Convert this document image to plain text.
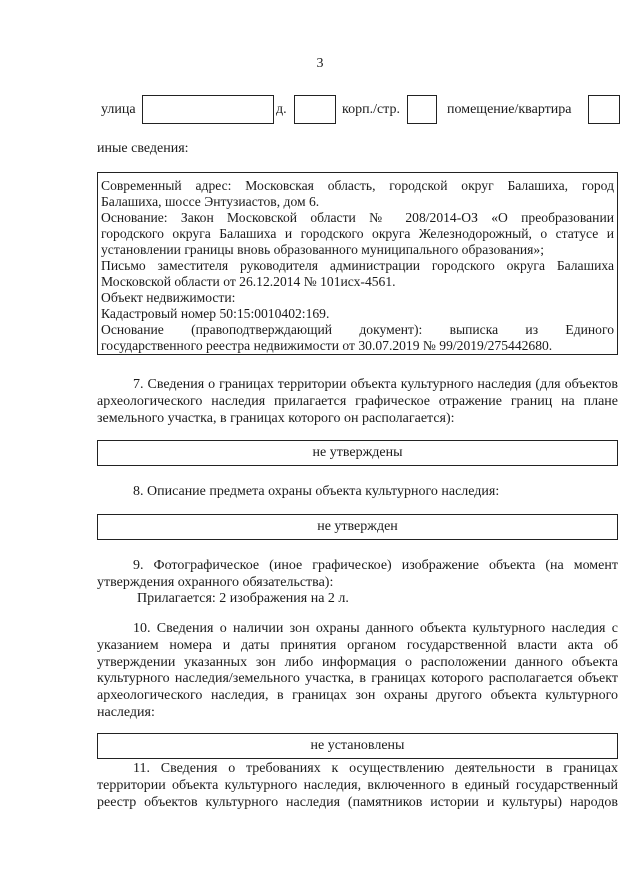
3
улица	д.	корп./стр.	помещение/квартира
иные сведения:
Современный адрес: Московская область, городской округ Балашиха, город
Балашиха, шоссе Энтузиастов, дом 6.
Основание: Закон Московской области № 208/2014-ОЗ «О преобразовании
городского округа Балашиха и городского округа Железнодорожный, о статусе и
установлении границы вновь образованного муниципального образования»;
Письмо заместителя руководителя администрации городского округа Балашиха
Московской области от 26.12.2014 № 101исх-4561.
Объект недвижимости:
Кадастровый номер 50:15:0010402:169.
Основание (правоподтверждающий документ): выписка из Единого
государственного реестра недвижимости от 30.07.2019 № 99/2019/275442680.
7. Сведения о границах территории объекта культурного наследия (для объектов археологического наследия прилагается графическое отражение границ на плане земельного участка, в границах которого он располагается):
не утверждены
8. Описание предмета охраны объекта культурного наследия:
не утвержден
9. Фотографическое (иное графическое) изображение объекта (на момент утверждения охранного обязательства):
Прилагается: 2 изображения на 2 л.
10. Сведения о наличии зон охраны данного объекта культурного наследия с указанием номера и даты принятия органом государственной власти акта об утверждении указанных зон либо информация о расположении данного объекта культурного наследия/земельного участка, в границах которого располагается объект археологического наследия, в границах зон охраны другого объекта культурного наследия:
не установлены
11. Сведения о требованиях к осуществлению деятельности в границах территории объекта культурного наследия, включенного в единый государственный реестр объектов культурного наследия (памятников истории и культуры) народов
